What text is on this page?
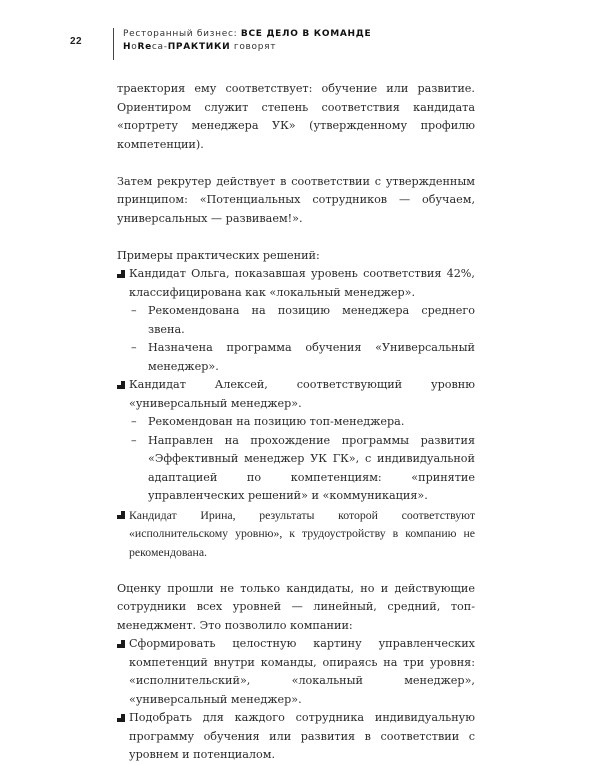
22
Ресторанный бизнес: ВСЕ ДЕЛО В КОМАНДЕ
HoReca-ПРАКТИКИ говорят

траектория ему соответствует: обучение или развитие. Ориентиром служит степень соответствия кандидата «портрету менеджера УК» (утвержденному профилю компетенции).

Затем рекрутер действует в соответствии с утвержденным принципом: «Потенциальных сотрудников — обучаем, универсальных — развиваем!».

Примеры практических решений:

Кандидат Ольга, показавшая уровень соответствия 42%, классифицирована как «локальный менеджер».
– Рекомендована на позицию менеджера среднего звена.
– Назначена программа обучения «Универсальный менеджер».
Кандидат Алексей, соответствующий уровню «универсальный менеджер».
– Рекомендован на позицию топ-менеджера.
– Направлен на прохождение программы развития «Эффективный менеджер УК ГК», с индивидуальной адаптацией по компетенциям: «принятие управленческих решений» и «коммуникация».
Кандидат Ирина, результаты которой соответствуют «исполнительскому уровню», к трудоустройству в компанию не рекомендована.

Оценку прошли не только кандидаты, но и действующие сотрудники всех уровней — линейный, средний, топ-менеджмент. Это позволило компании:

Сформировать целостную картину управленческих компетенций внутри команды, опираясь на три уровня: «исполнительский», «локальный менеджер», «универсальный менеджер».
Подобрать для каждого сотрудника индивидуальную программу обучения или развития в соответствии с уровнем и потенциалом.
